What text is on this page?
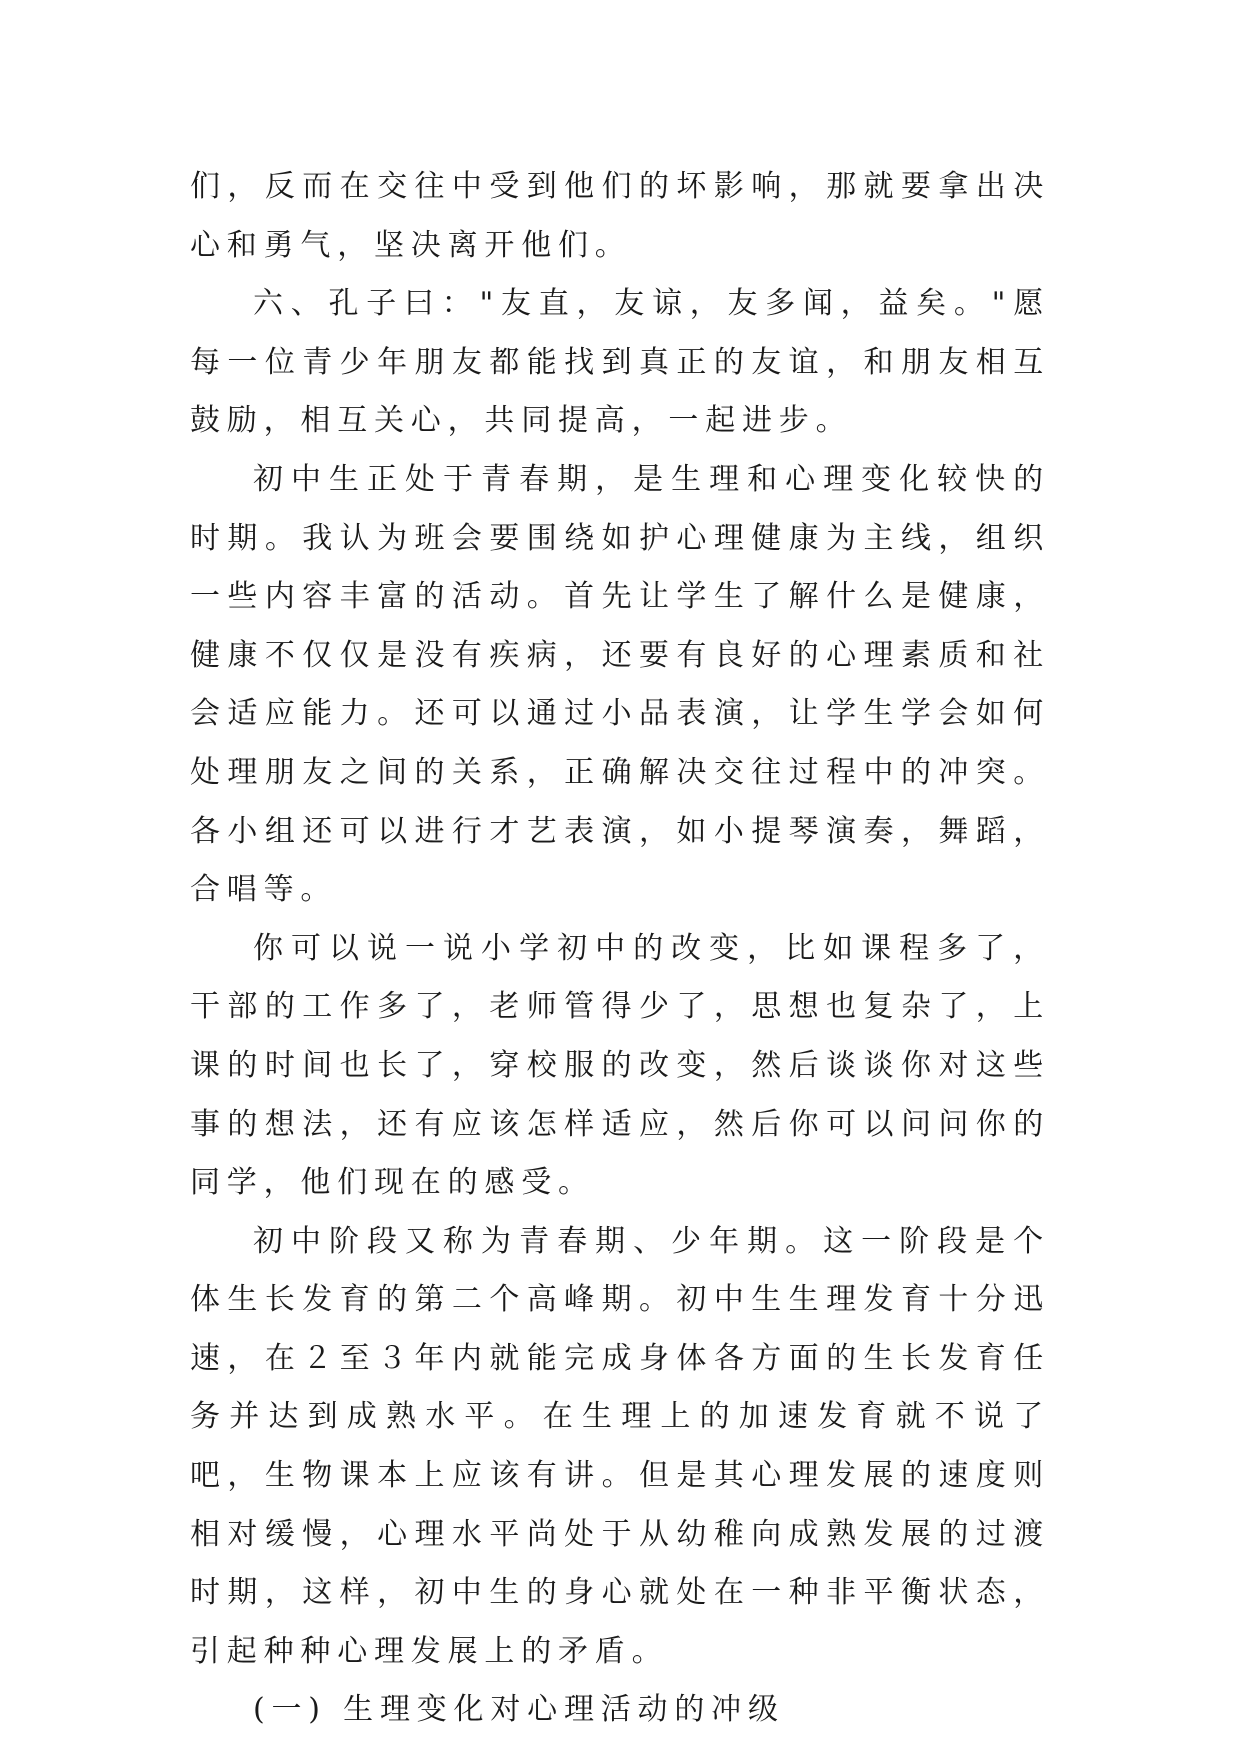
们，反而在交往中受到他们的坏影响，那就要拿出决心和勇气，坚决离开他们。

六、孔子曰："友直，友谅，友多闻，益矣。"愿每一位青少年朋友都能找到真正的友谊，和朋友相互鼓励，相互关心，共同提高，一起进步。

初中生正处于青春期，是生理和心理变化较快的时期。我认为班会要围绕如护心理健康为主线，组织一些内容丰富的活动。首先让学生了解什么是健康，健康不仅仅是没有疾病，还要有良好的心理素质和社会适应能力。还可以通过小品表演，让学生学会如何处理朋友之间的关系，正确解决交往过程中的冲突。各小组还可以进行才艺表演，如小提琴演奏，舞蹈，合唱等。

你可以说一说小学初中的改变，比如课程多了，干部的工作多了，老师管得少了，思想也复杂了，上课的时间也长了，穿校服的改变，然后谈谈你对这些事的想法，还有应该怎样适应，然后你可以问问你的同学，他们现在的感受。

初中阶段又称为青春期、少年期。这一阶段是个体生长发育的第二个高峰期。初中生生理发育十分迅速，在２至３年内就能完成身体各方面的生长发育任务并达到成熟水平。在生理上的加速发育就不说了吧，生物课本上应该有讲。但是其心理发展的速度则相对缓慢，心理水平尚处于从幼稚向成熟发展的过渡时期，这样，初中生的身心就处在一种非平衡状态，引起种种心理发展上的矛盾。

(一) 生理变化对心理活动的冲级
